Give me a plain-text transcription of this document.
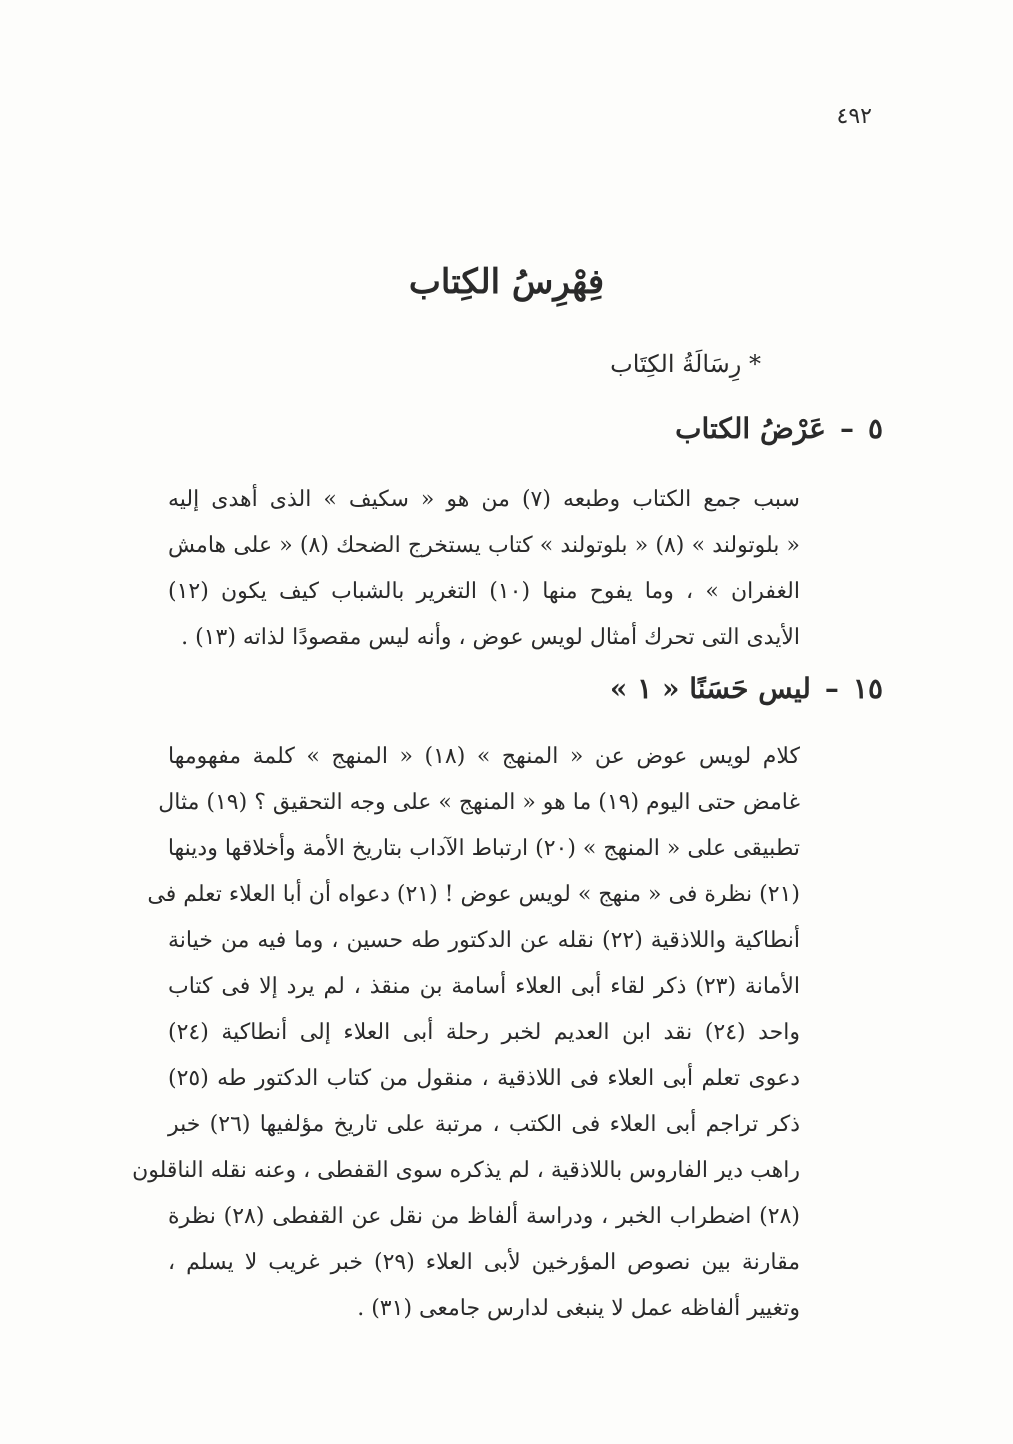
٤٩٢
فِهْرِسُ الكِتاب
* رِسَالَةُ الكِتَاب
٥–عَرْضُ الكتاب
سبب جمع الكتاب وطبعه (٧) من هو « سكيف » الذى أهدى إليه
« بلوتولند » (٨) « بلوتولند » كتاب يستخرج الضحك (٨) « على هامش
الغفران » ، وما يفوح منها (١٠) التغرير بالشباب كيف يكون (١٢)
الأيدى التى تحرك أمثال لويس عوض ، وأنه ليس مقصودًا لذاته (١٣) .
١٥–ليس حَسَنًا « ١ »
كلام لويس عوض عن « المنهج » (١٨) « المنهج » كلمة مفهومها
غامض حتى اليوم (١٩) ما هو « المنهج » على وجه التحقيق ؟ (١٩) مثال
تطبيقى على « المنهج » (٢٠) ارتباط الآداب بتاريخ الأمة وأخلاقها ودينها
(٢١) نظرة فى « منهج » لويس عوض ! (٢١) دعواه أن أبا العلاء تعلم فى
أنطاكية واللاذقية (٢٢) نقله عن الدكتور طه حسين ، وما فيه من خيانة
الأمانة (٢٣) ذكر لقاء أبى العلاء أسامة بن منقذ ، لم يرد إلا فى كتاب
واحد (٢٤) نقد ابن العديم لخبر رحلة أبى العلاء إلى أنطاكية (٢٤)
دعوى تعلم أبى العلاء فى اللاذقية ، منقول من كتاب الدكتور طه (٢٥)
ذكر تراجم أبى العلاء فى الكتب ، مرتبة على تاريخ مؤلفيها (٢٦) خبر
راهب دير الفاروس باللاذقية ، لم يذكره سوى القفطى ، وعنه نقله الناقلون
(٢٨) اضطراب الخبر ، ودراسة ألفاظ من نقل عن القفطى (٢٨) نظرة
مقارنة بين نصوص المؤرخين لأبى العلاء (٢٩) خبر غريب لا يسلم ،
وتغيير ألفاظه عمل لا ينبغى لدارس جامعى (٣١) .
